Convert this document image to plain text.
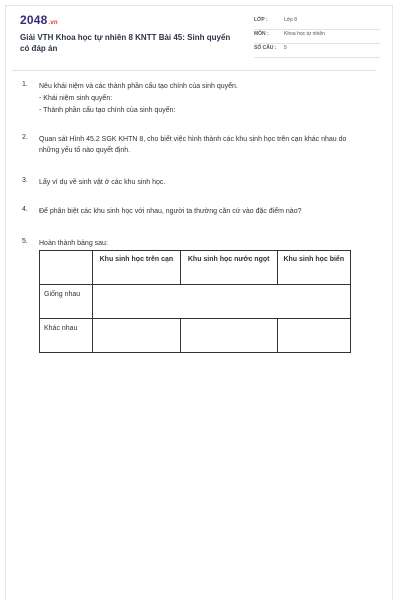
2048.vn
Giải VTH Khoa học tự nhiên 8 KNTT Bài 45: Sinh quyển có đáp án
LỚP :	Lớp 8
MÔN :	Khoa học tự nhiên
SỐ CÂU : 5
1. Nêu khái niệm và các thành phần cấu tạo chính của sinh quyển.
- Khái niệm sinh quyển:
- Thành phần cấu tạo chính của sinh quyển:
2. Quan sát Hình 45.2 SGK KHTN 8, cho biết việc hình thành các khu sinh học trên cạn khác nhau do những yếu tố nào quyết định.
3. Lấy ví dụ về sinh vật ở các khu sinh học.
4. Để phân biệt các khu sinh học với nhau, người ta thường căn cứ vào đặc điểm nào?
5. Hoàn thành bảng sau:
	Khu sinh học trên cạn	Khu sinh học nước ngọt	Khu sinh học biển
Giống nhau			
Khác nhau			
